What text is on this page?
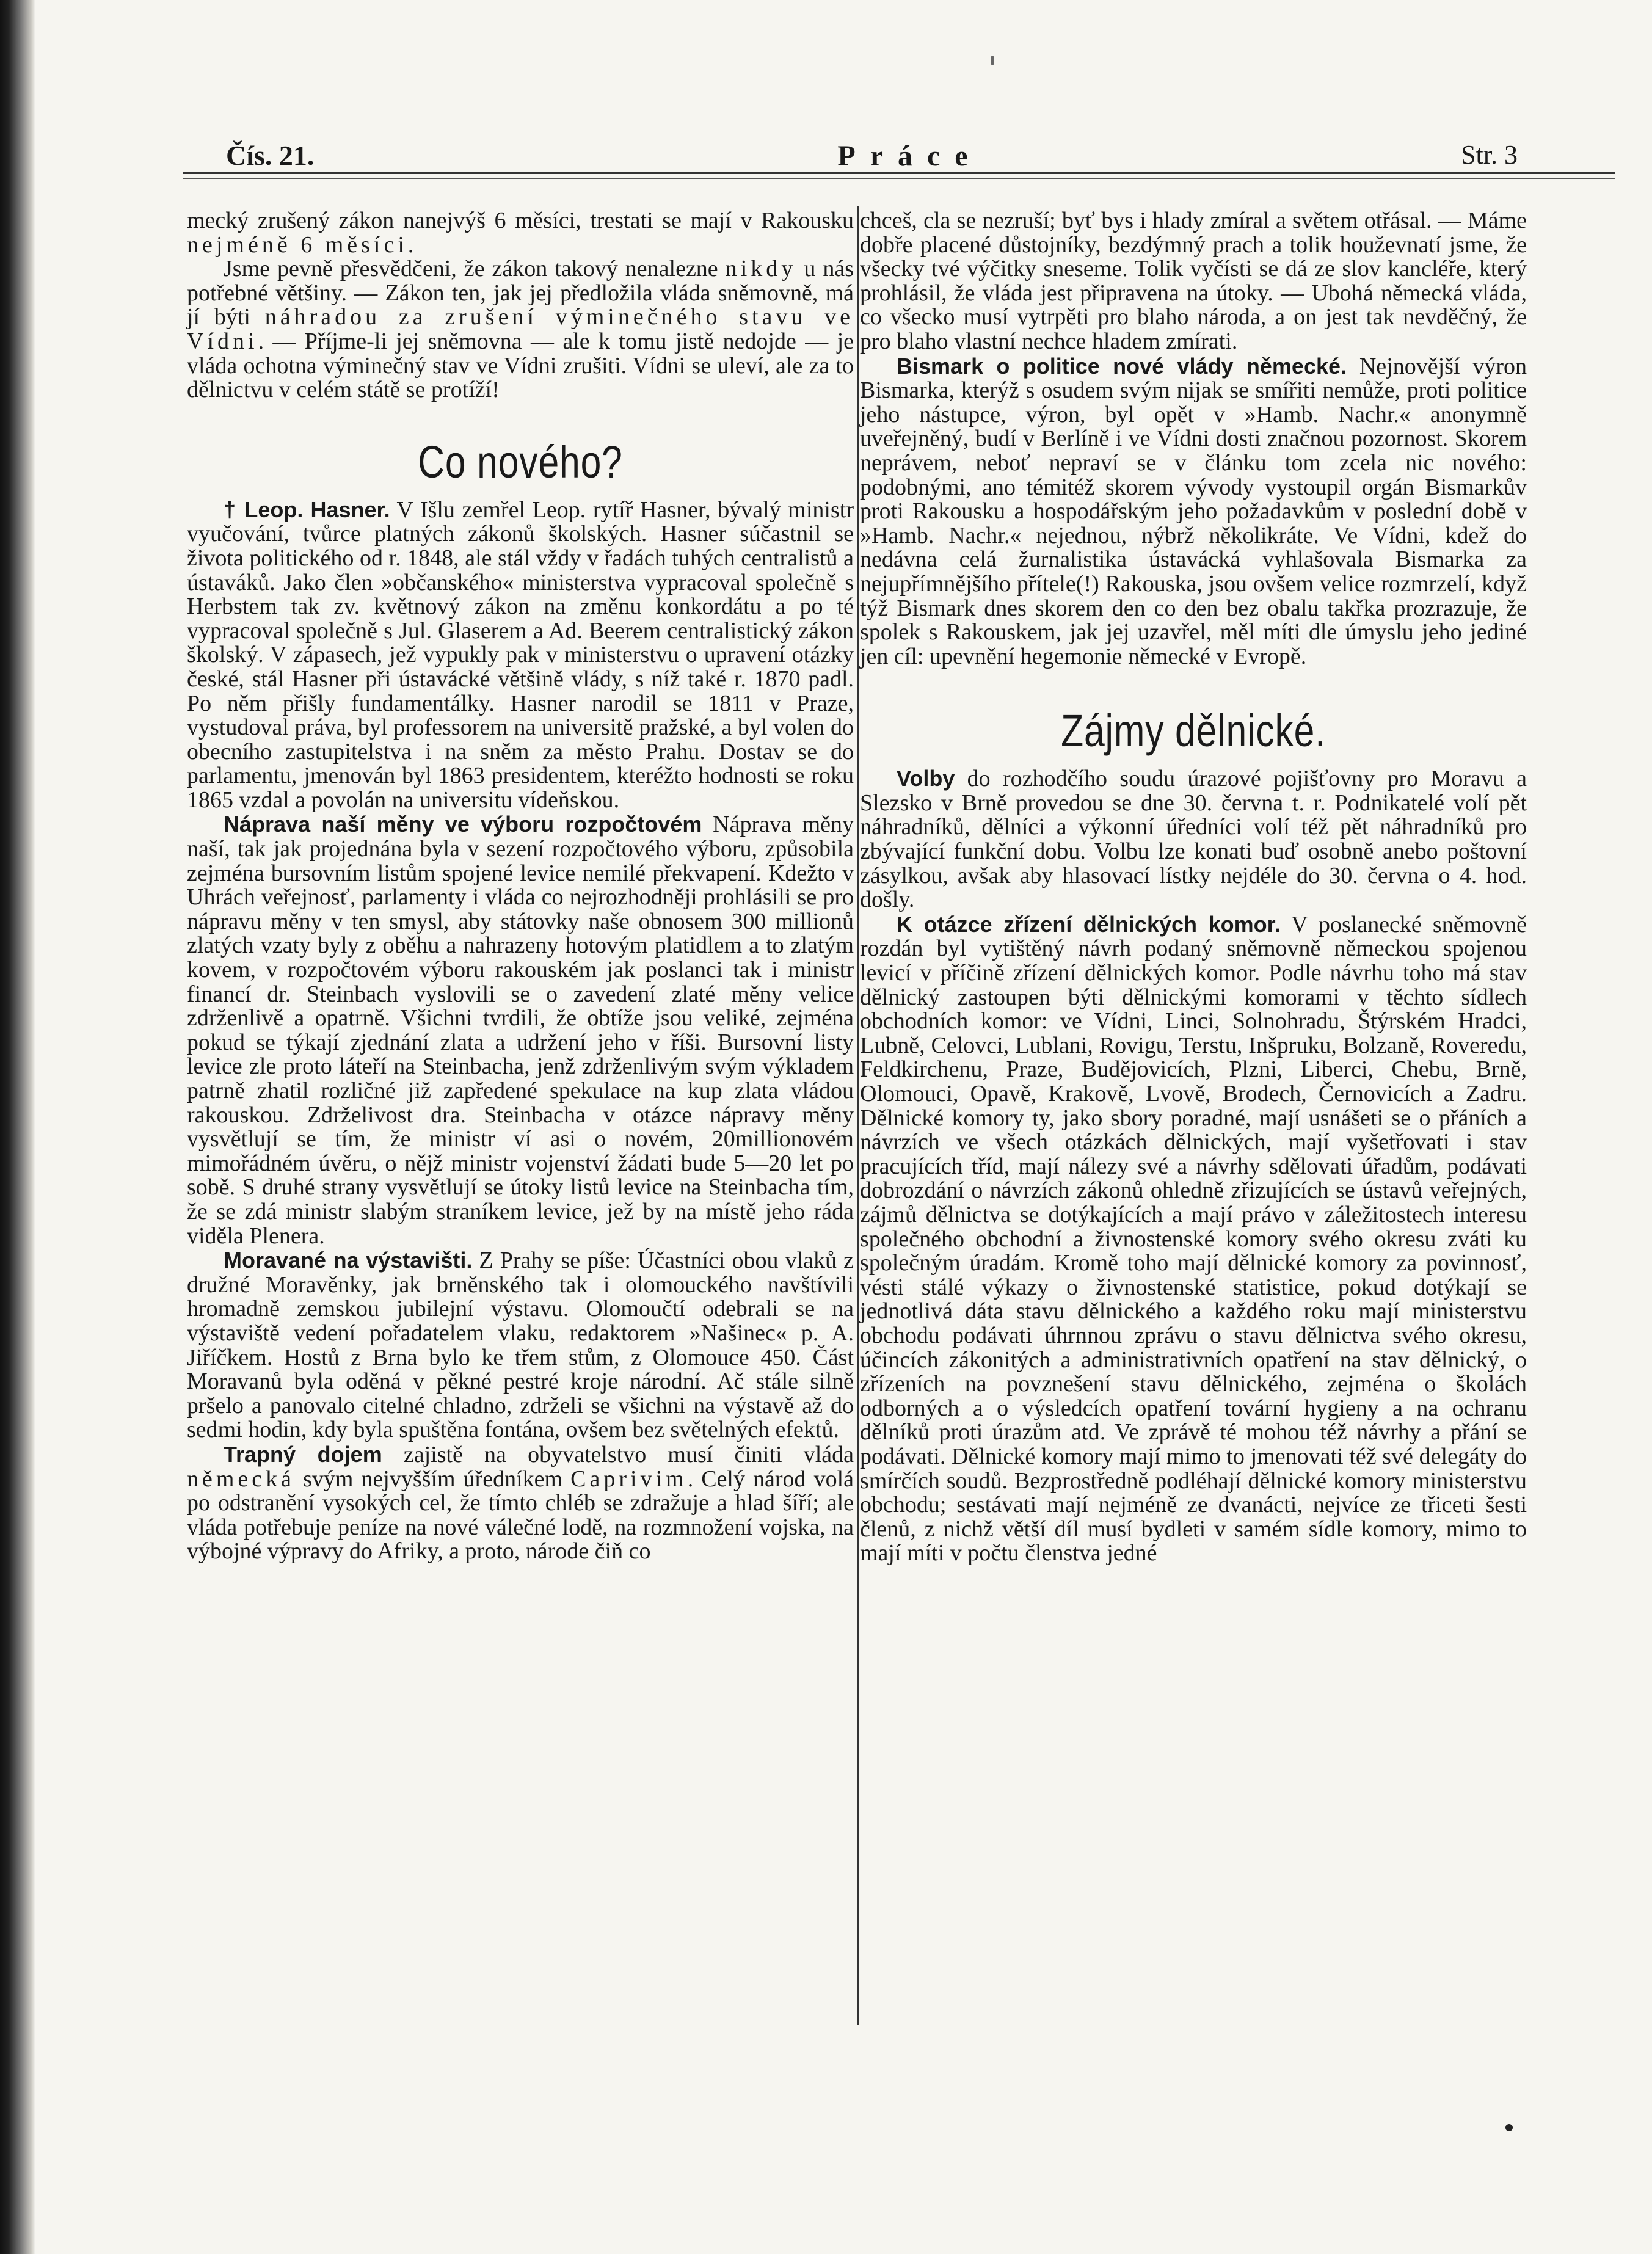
Čís. 21.	Práce	Str. 3

mecký zrušený zákon nanejvýš 6 měsíci, trestati se mají v Rakousku nejméně 6 měsíci.

Jsme pevně přesvědčeni, že zákon takový nenalezne nikdy u nás potřebné většiny. — Zákon ten, jak jej předložila vláda sněmovně, má jí býti náhradou za zrušení výminečného stavu ve Vídni. — Příjme-li jej sněmovna — ale k tomu jistě nedojde — je vláda ochotna výminečný stav ve Vídni zrušiti. Vídni se uleví, ale za to dělnictvu v celém státě se protíží!

Co nového?

† Leop. Hasner. V Išlu zemřel Leop. rytíř Hasner, bývalý ministr vyučování, tvůrce platných zákonů školských. Hasner súčastnil se života politického od r. 1848, ale stál vždy v řadách tuhých centralistů a ústaváků. Jako člen »občanského« ministerstva vypracoval společně s Herbstem tak zv. květnový zákon na změnu konkordátu a po té vypracoval společně s Jul. Glaserem a Ad. Beerem centralistický zákon školský. V zápasech, jež vypukly pak v ministerstvu o upravení otázky české, stál Hasner při ústavácké většině vlády, s níž také r. 1870 padl. Po něm přišly fundamentálky. Hasner narodil se 1811 v Praze, vystudoval práva, byl professorem na universitě pražské, a byl volen do obecního zastupitelstva i na sněm za město Prahu. Dostav se do parlamentu, jmenován byl 1863 presidentem, kteréžto hodnosti se roku 1865 vzdal a povolán na universitu vídeňskou.

Náprava naší měny ve výboru rozpočtovém Náprava měny naší, tak jak projednána byla v sezení rozpočtového výboru, způsobila zejména bursovním listům spojené levice nemilé překvapení. Kdežto v Uhrách veřejnosť, parlamenty i vláda co nejrozhodněji prohlásili se pro nápravu měny v ten smysl, aby státovky naše obnosem 300 millionů zlatých vzaty byly z oběhu a nahrazeny hotovým platidlem a to zlatým kovem, v rozpočtovém výboru rakouském jak poslanci tak i ministr financí dr. Steinbach vyslovili se o zavedení zlaté měny velice zdrženlivě a opatrně. Všichni tvrdili, že obtíže jsou veliké, zejména pokud se týkají zjednání zlata a udržení jeho v říši. Bursovní listy levice zle proto láteří na Steinbacha, jenž zdrženlivým svým výkladem patrně zhatil rozličné již zapředené spekulace na kup zlata vládou rakouskou. Zdrželivost dra. Steinbacha v otázce nápravy měny vysvětlují se tím, že ministr ví asi o novém, 20millionovém mimořádném úvěru, o nějž ministr vojenství žádati bude 5—20 let po sobě. S druhé strany vysvětlují se útoky listů levice na Steinbacha tím, že se zdá ministr slabým straníkem levice, jež by na místě jeho ráda viděla Plenera.

Moravané na výstavišti. Z Prahy se píše: Účastníci obou vlaků z družné Moravěnky, jak brněnského tak i olomouckého navštívili hromadně zemskou jubilejní výstavu. Olomoučtí odebrali se na výstaviště vedení pořadatelem vlaku, redaktorem »Našinec« p. A. Jiříčkem. Hostů z Brna bylo ke třem stům, z Olomouce 450. Část Moravanů byla oděná v pěkné pestré kroje národní. Ač stále silně pršelo a panovalo citelné chladno, zdrželi se všichni na výstavě až do sedmi hodin, kdy byla spuštěna fontána, ovšem bez světelných efektů.

Trapný dojem zajistě na obyvatelstvo musí činiti vláda německá svým nejvyšším úředníkem Caprivim. Celý národ volá po odstranění vysokých cel, že tímto chléb se zdražuje a hlad šíří; ale vláda potřebuje peníze na nové válečné lodě, na rozmnožení vojska, na výbojné výpravy do Afriky, a proto, národe čiň co

chceš, cla se nezruší; byť bys i hlady zmíral a světem otřásal. — Máme dobře placené důstojníky, bezdýmný prach a tolik houževnatí jsme, že všecky tvé výčitky sneseme. Tolik vyčísti se dá ze slov kancléře, který prohlásil, že vláda jest připravena na útoky. — Ubohá německá vláda, co všecko musí vytrpěti pro blaho národa, a on jest tak nevděčný, že pro blaho vlastní nechce hladem zmírati.

Bismark o politice nové vlády německé. Nejnovější výron Bismarka, kterýž s osudem svým nijak se smířiti nemůže, proti politice jeho nástupce, výron, byl opět v »Hamb. Nachr.« anonymně uveřejněný, budí v Berlíně i ve Vídni dosti značnou pozornost. Skorem neprávem, neboť nepraví se v článku tom zcela nic nového: podobnými, ano témitéž skorem vývody vystoupil orgán Bismarkův proti Rakousku a hospodářským jeho požadavkům v poslední době v »Hamb. Nachr.« nejednou, nýbrž několikráte. Ve Vídni, kdež do nedávna celá žurnalistika ústavácká vyhlašovala Bismarka za nejupřímnějšího přítele(!) Rakouska, jsou ovšem velice rozmrzelí, když týž Bismark dnes skorem den co den bez obalu takřka prozrazuje, že spolek s Rakouskem, jak jej uzavřel, měl míti dle úmyslu jeho jediné jen cíl: upevnění hegemonie německé v Evropě.

Zájmy dělnické.

Volby do rozhodčího soudu úrazové pojišťovny pro Moravu a Slezsko v Brně provedou se dne 30. června t. r. Podnikatelé volí pět náhradníků, dělníci a výkonní úředníci volí též pět náhradníků pro zbývající funkční dobu. Volbu lze konati buď osobně anebo poštovní zásylkou, avšak aby hlasovací lístky nejdéle do 30. června o 4. hod. došly.

K otázce zřízení dělnických komor. V poslanecké sněmovně rozdán byl vytištěný návrh podaný sněmovně německou spojenou levicí v příčině zřízení dělnických komor. Podle návrhu toho má stav dělnický zastoupen býti dělnickými komorami v těchto sídlech obchodních komor: ve Vídni, Linci, Solnohradu, Štýrském Hradci, Lubně, Celovci, Lublani, Rovigu, Terstu, Inšpruku, Bolzaně, Roveredu, Feldkirchenu, Praze, Budějovicích, Plzni, Liberci, Chebu, Brně, Olomouci, Opavě, Krakově, Lvově, Brodech, Černovicích a Zadru. Dělnické komory ty, jako sbory poradné, mají usnášeti se o přáních a návrzích ve všech otázkách dělnických, mají vyšetřovati i stav pracujících tříd, mají nálezy své a návrhy sdělovati úřadům, podávati dobrozdání o návrzích zákonů ohledně zřizujících se ústavů veřejných, zájmů dělnictva se dotýkajících a mají právo v záležitostech interesu společného obchodní a živnostenské komory svého okresu zváti ku společným úradám. Kromě toho mají dělnické komory za povinnosť, vésti stálé výkazy o živnostenské statistice, pokud dotýkají se jednotlivá dáta stavu dělnického a každého roku mají ministerstvu obchodu podávati úhrnnou zprávu o stavu dělnictva svého okresu, účincích zákonitých a administrativních opatření na stav dělnický, o zřízeních na povznešení stavu dělnického, zejména o školách odborných a o výsledcích opatření tovární hygieny a na ochranu dělníků proti úrazům atd. Ve zprávě té mohou též návrhy a přání se podávati. Dělnické komory mají mimo to jmenovati též své delegáty do smírčích soudů. Bezprostředně podléhají dělnické komory ministerstvu obchodu; sestávati mají nejméně ze dvanácti, nejvíce ze třiceti šesti členů, z nichž větší díl musí bydleti v samém sídle komory, mimo to mají míti v počtu členstva jedné
